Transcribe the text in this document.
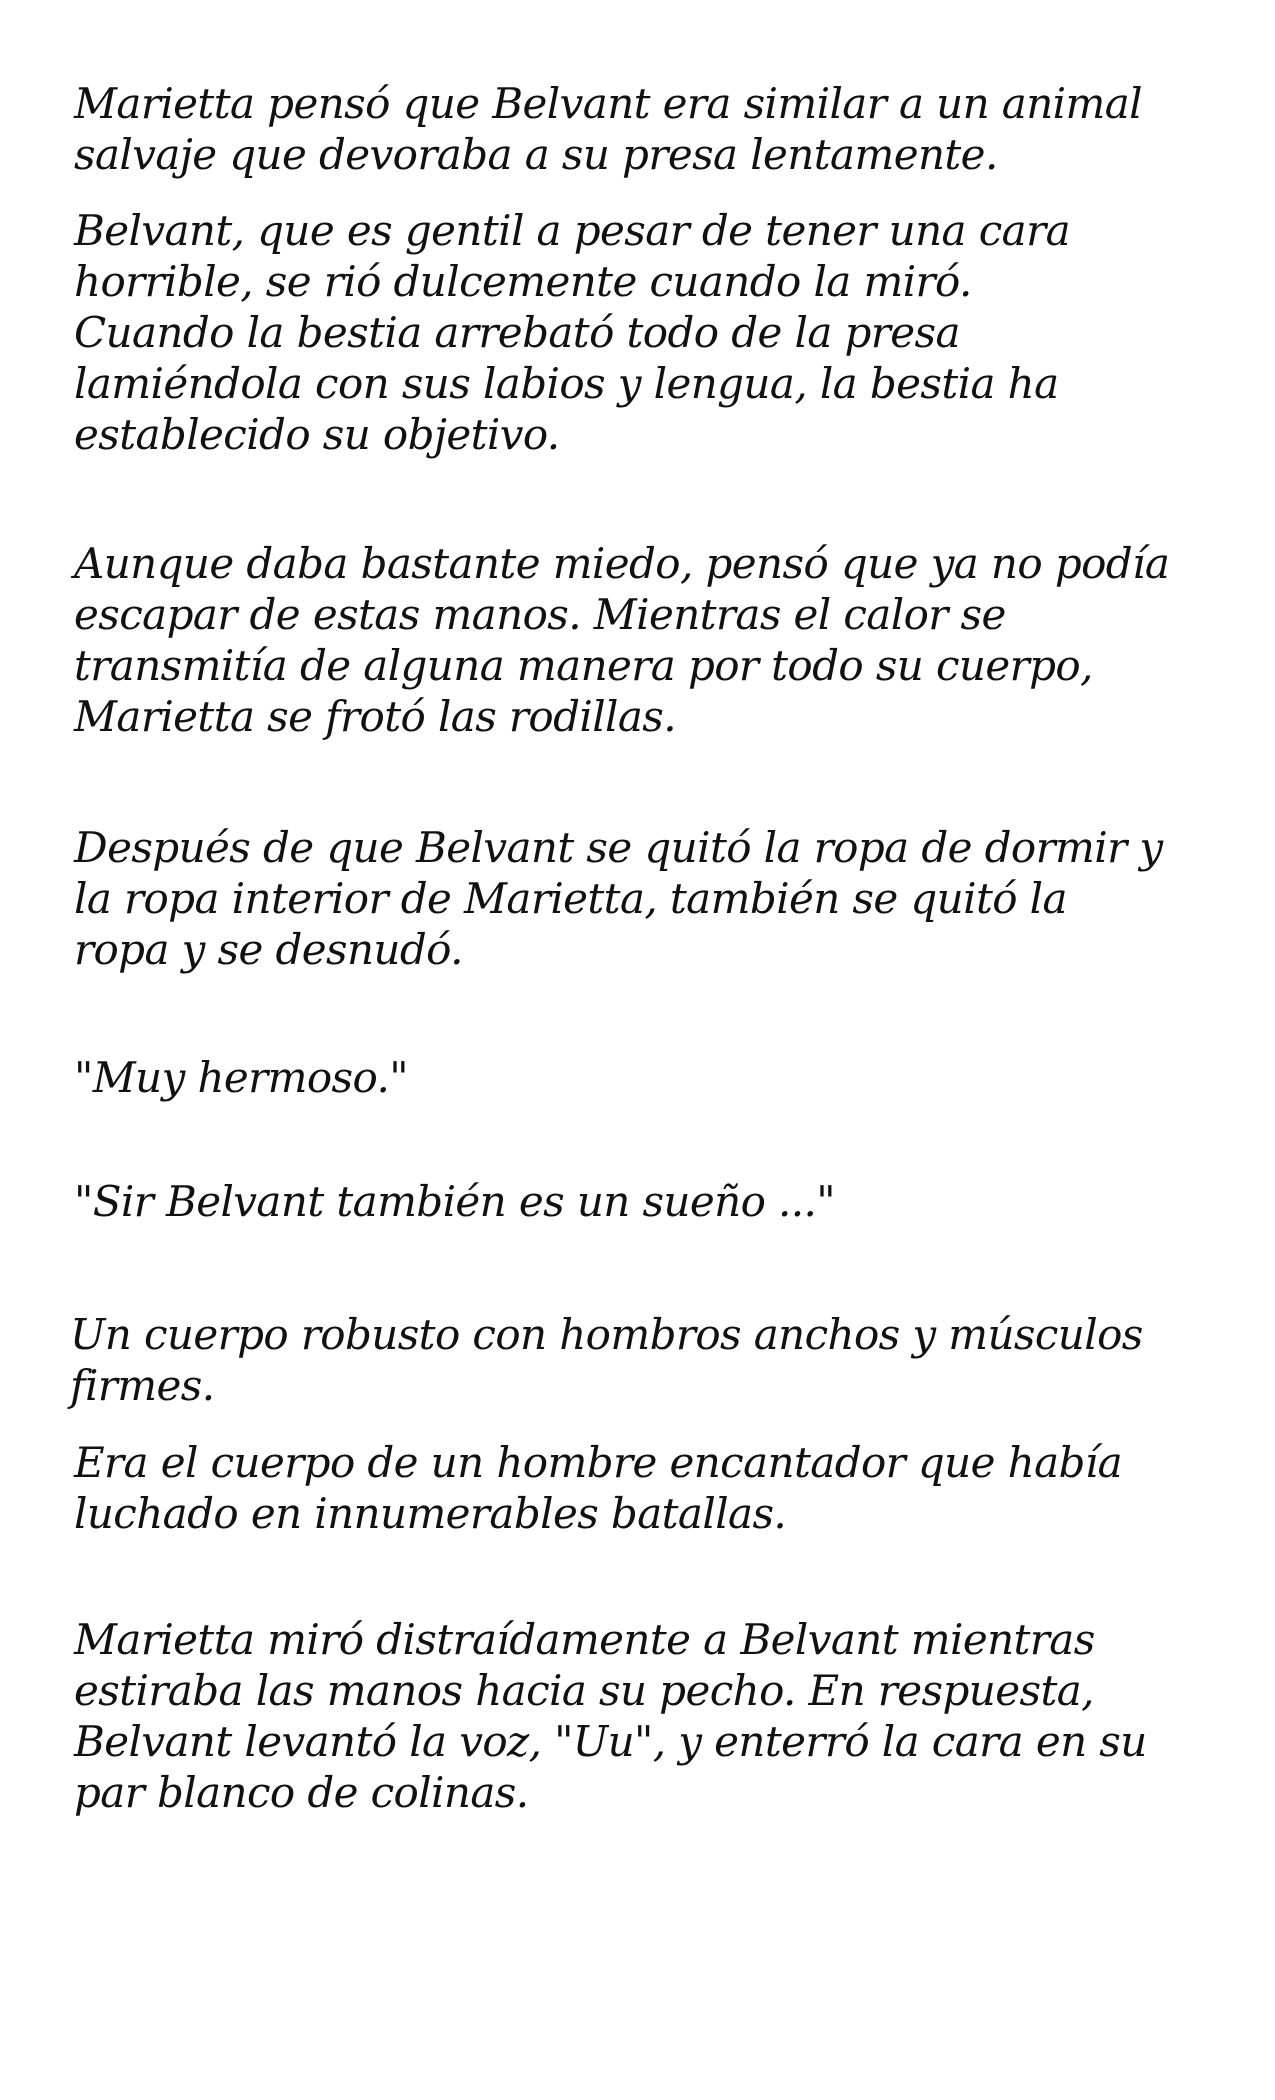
Marietta pensó que Belvant era similar a un animal
salvaje que devoraba a su presa lentamente.

Belvant, que es gentil a pesar de tener una cara
horrible, se rió dulcemente cuando la miró.
Cuando la bestia arrebató todo de la presa
lamiéndola con sus labios y lengua, la bestia ha
establecido su objetivo.

Aunque daba bastante miedo, pensó que ya no podía
escapar de estas manos. Mientras el calor se
transmitía de alguna manera por todo su cuerpo,
Marietta se frotó las rodillas.

Después de que Belvant se quitó la ropa de dormir y
la ropa interior de Marietta, también se quitó la
ropa y se desnudó.

"Muy hermoso."

"Sir Belvant también es un sueño ..."

Un cuerpo robusto con hombros anchos y músculos
firmes.

Era el cuerpo de un hombre encantador que había
luchado en innumerables batallas.

Marietta miró distraídamente a Belvant mientras
estiraba las manos hacia su pecho. En respuesta,
Belvant levantó la voz, "Uu", y enterró la cara en su
par blanco de colinas.
